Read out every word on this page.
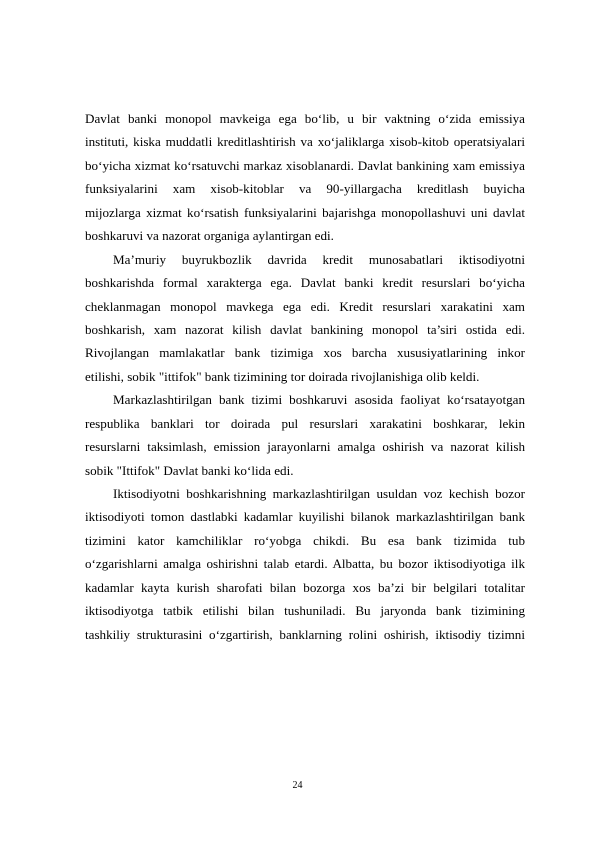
Davlat banki monopol mavkeiga ega bo‘lib, u bir vaktning o‘zida emissiya
instituti, kiska muddatli kreditlashtirish va xo‘jaliklarga xisob-kitob operatsiyalari
bo‘yicha xizmat ko‘rsatuvchi markaz xisoblanardi. Davlat bankining xam emissiya
funksiyalarini xam xisob-kitoblar va 90-yillargacha kreditlash buyicha
mijozlarga xizmat ko‘rsatish funksiyalarini bajarishga monopollashuvi uni davlat
boshkaruvi va nazorat organiga aylantirgan edi.
Ma’muriy buyrukbozlik davrida kredit munosabatlari iktisodiyotni
boshkarishda formal xarakterga ega. Davlat banki kredit resurslari bo‘yicha
cheklanmagan monopol mavkega ega edi. Kredit resurslari xarakatini xam
boshkarish, xam nazorat kilish davlat bankining monopol ta’siri ostida edi.
Rivojlangan mamlakatlar bank tizimiga xos barcha xususiyatlarining inkor
etilishi, sobik "ittifok" bank tizimining tor doirada rivojlanishiga olib keldi.
Markazlashtirilgan bank tizimi boshkaruvi asosida faoliyat ko‘rsatayotgan
respublika banklari tor doirada pul resurslari xarakatini boshkarar, lekin
resurslarni taksimlash, emission jarayonlarni amalga oshirish va nazorat kilish
sobik "Ittifok" Davlat banki ko‘lida edi.
Iktisodiyotni boshkarishning markazlashtirilgan usuldan voz kechish bozor
iktisodiyoti tomon dastlabki kadamlar kuyilishi bilanok markazlashtirilgan bank
tizimini kator kamchiliklar ro‘yobga chikdi. Bu esa bank tizimida tub
o‘zgarishlarni amalga oshirishni talab etardi. Albatta, bu bozor iktisodiyotiga ilk
kadamlar kayta kurish sharofati bilan bozorga xos ba’zi bir belgilari totalitar
iktisodiyotga tatbik etilishi bilan tushuniladi. Bu jaryonda bank tizimining
tashkiliy strukturasini o‘zgartirish, banklarning rolini oshirish, iktisodiy tizimni
24
